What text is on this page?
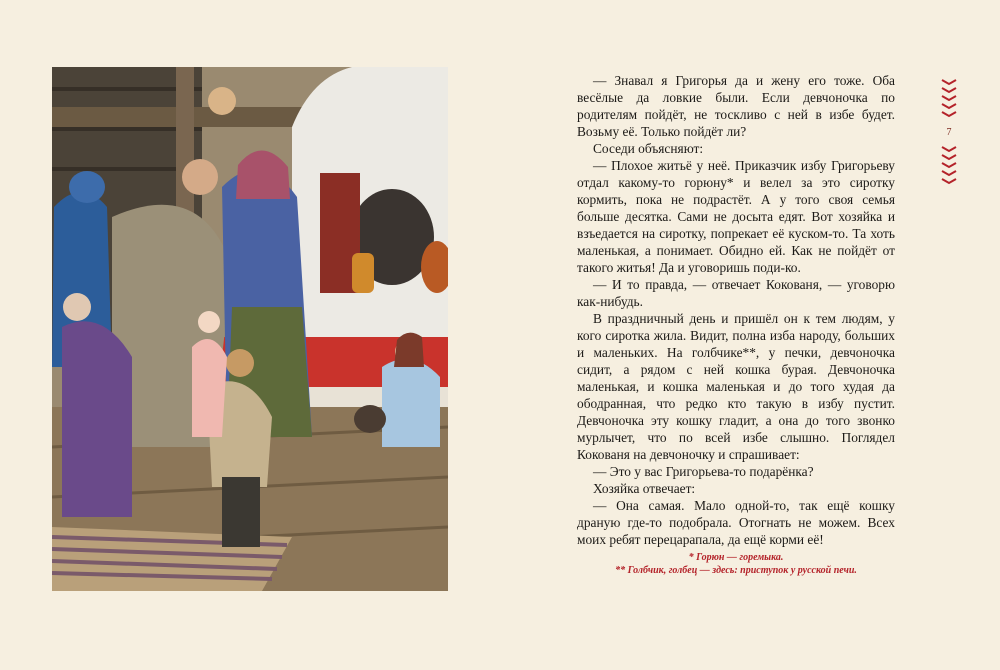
— Знавал я Григорья да и жену его тоже. Оба весёлые да ловкие были. Если девчоночка по родителям пойдёт, не тоскливо с ней в избе будет. Возьму её. Только пойдёт ли?

Соседи объясняют:

— Плохое житьё у неё. Приказчик избу Григорьеву отдал какому-то горюну* и велел за это сиротку кормить, пока не подрастёт. А у того своя семья больше десятка. Сами не досыта едят. Вот хозяйка и взъедается на сиротку, попрекает её куском-то. Та хоть маленькая, а понимает. Обидно ей. Как не пойдёт от такого житья! Да и уговоришь поди-ко.

— И то правда, — отвечает Кокованя, — уговорю как-нибудь.

В праздничный день и пришёл он к тем людям, у кого сиротка жила. Видит, полна изба народу, больших и маленьких. На голбчике**, у печки, девчоночка сидит, а рядом с ней кошка бурая. Девчоночка маленькая, и кошка маленькая и до того худая да ободранная, что редко кто такую в избу пустит. Девчоночка эту кошку гладит, а она до того звонко мурлычет, что по всей избе слышно. Поглядел Кокованя на девчоночку и спрашивает:

— Это у вас Григорьева-то подарёнка?

Хозяйка отвечает:

— Она самая. Мало одной-то, так ещё кошку драную где-то подобрала. Отогнать не можем. Всех моих ребят перецарапала, да ещё корми её!

* Горюн — горемыка.
** Голбчик, голбец — здесь: приступок у русской печи.
7
